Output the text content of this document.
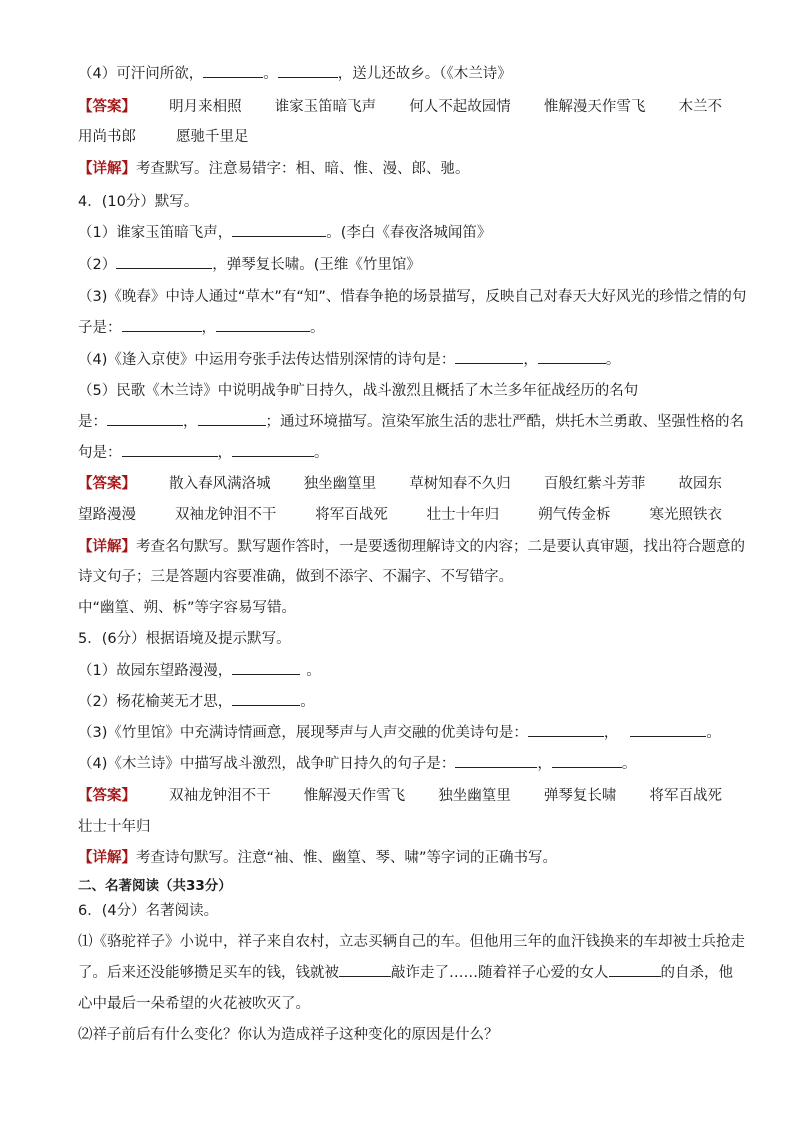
（4）可汗问所欲，	。	，送儿还故乡。（《木兰诗》
【答案】 明月来相照 谁家玉笛暗飞声 何人不起故园情 惟解漫天作雪飞 木兰不
用尚书郎	愿驰千里足
【详解】考查默写。注意易错字：相、暗、惟、漫、郎、驰。
4．(10分）默写。
（1）谁家玉笛暗飞声，	。(李白《春夜洛城闻笛》
（2）	，弹琴复长啸。(王维《竹里馆》
（3)《晚春》中诗人通过“草木”有“知”、惜春争艳的场景描写，反映自己对春天大好风光的珍惜之情的句
子是：	，	。
（4)《逢入京使》中运用夸张手法传达惜别深情的诗句是：	，	。
（5）民歌《木兰诗》中说明战争旷日持久，战斗激烈且概括了木兰多年征战经历的名句
是：	，	；通过环境描写。渲染军旅生活的悲壮严酷，烘托木兰勇敢、坚强性格的名
句是：	，	。
【答案】 散入春风满洛城 独坐幽篁里 草树知春不久归 百般红紫斗芳菲 故园东
望路漫漫	双袖龙钟泪不干	将军百战死	壮士十年归	朔气传金柝	寒光照铁衣
【详解】考查名句默写。默写题作答时，一是要透彻理解诗文的内容；二是要认真审题，找出符合题意的
诗文句子；三是答题内容要准确，做到不添字、不漏字、不写错字。
中“幽篁、朔、柝”等字容易写错。
5．(6分）根据语境及提示默写。
（1）故园东望路漫漫，	。
（2）杨花榆荚无才思，	。
（3)《竹里馆》中充满诗情画意，展现琴声与人声交融的优美诗句是：	，	。
（4)《木兰诗》中描写战斗激烈，战争旷日持久的句子是：	，	。
【答案】 双袖龙钟泪不干 惟解漫天作雪飞 独坐幽篁里 弹琴复长啸 将军百战死
壮士十年归
【详解】考查诗句默写。注意“袖、惟、幽篁、琴、啸”等字词的正确书写。
二、名著阅读（共33分）
6．(4分）名著阅读。
⑴《骆驼祥子》小说中，祥子来自农村，立志买辆自己的车。但他用三年的血汗钱换来的车却被士兵抢走
了。后来还没能够攒足买车的钱，钱就被	敲诈走了……随着祥子心爱的女人	的自杀，他
心中最后一朵希望的火花被吹灭了。
⑵祥子前后有什么变化？你认为造成祥子这种变化的原因是什么？
